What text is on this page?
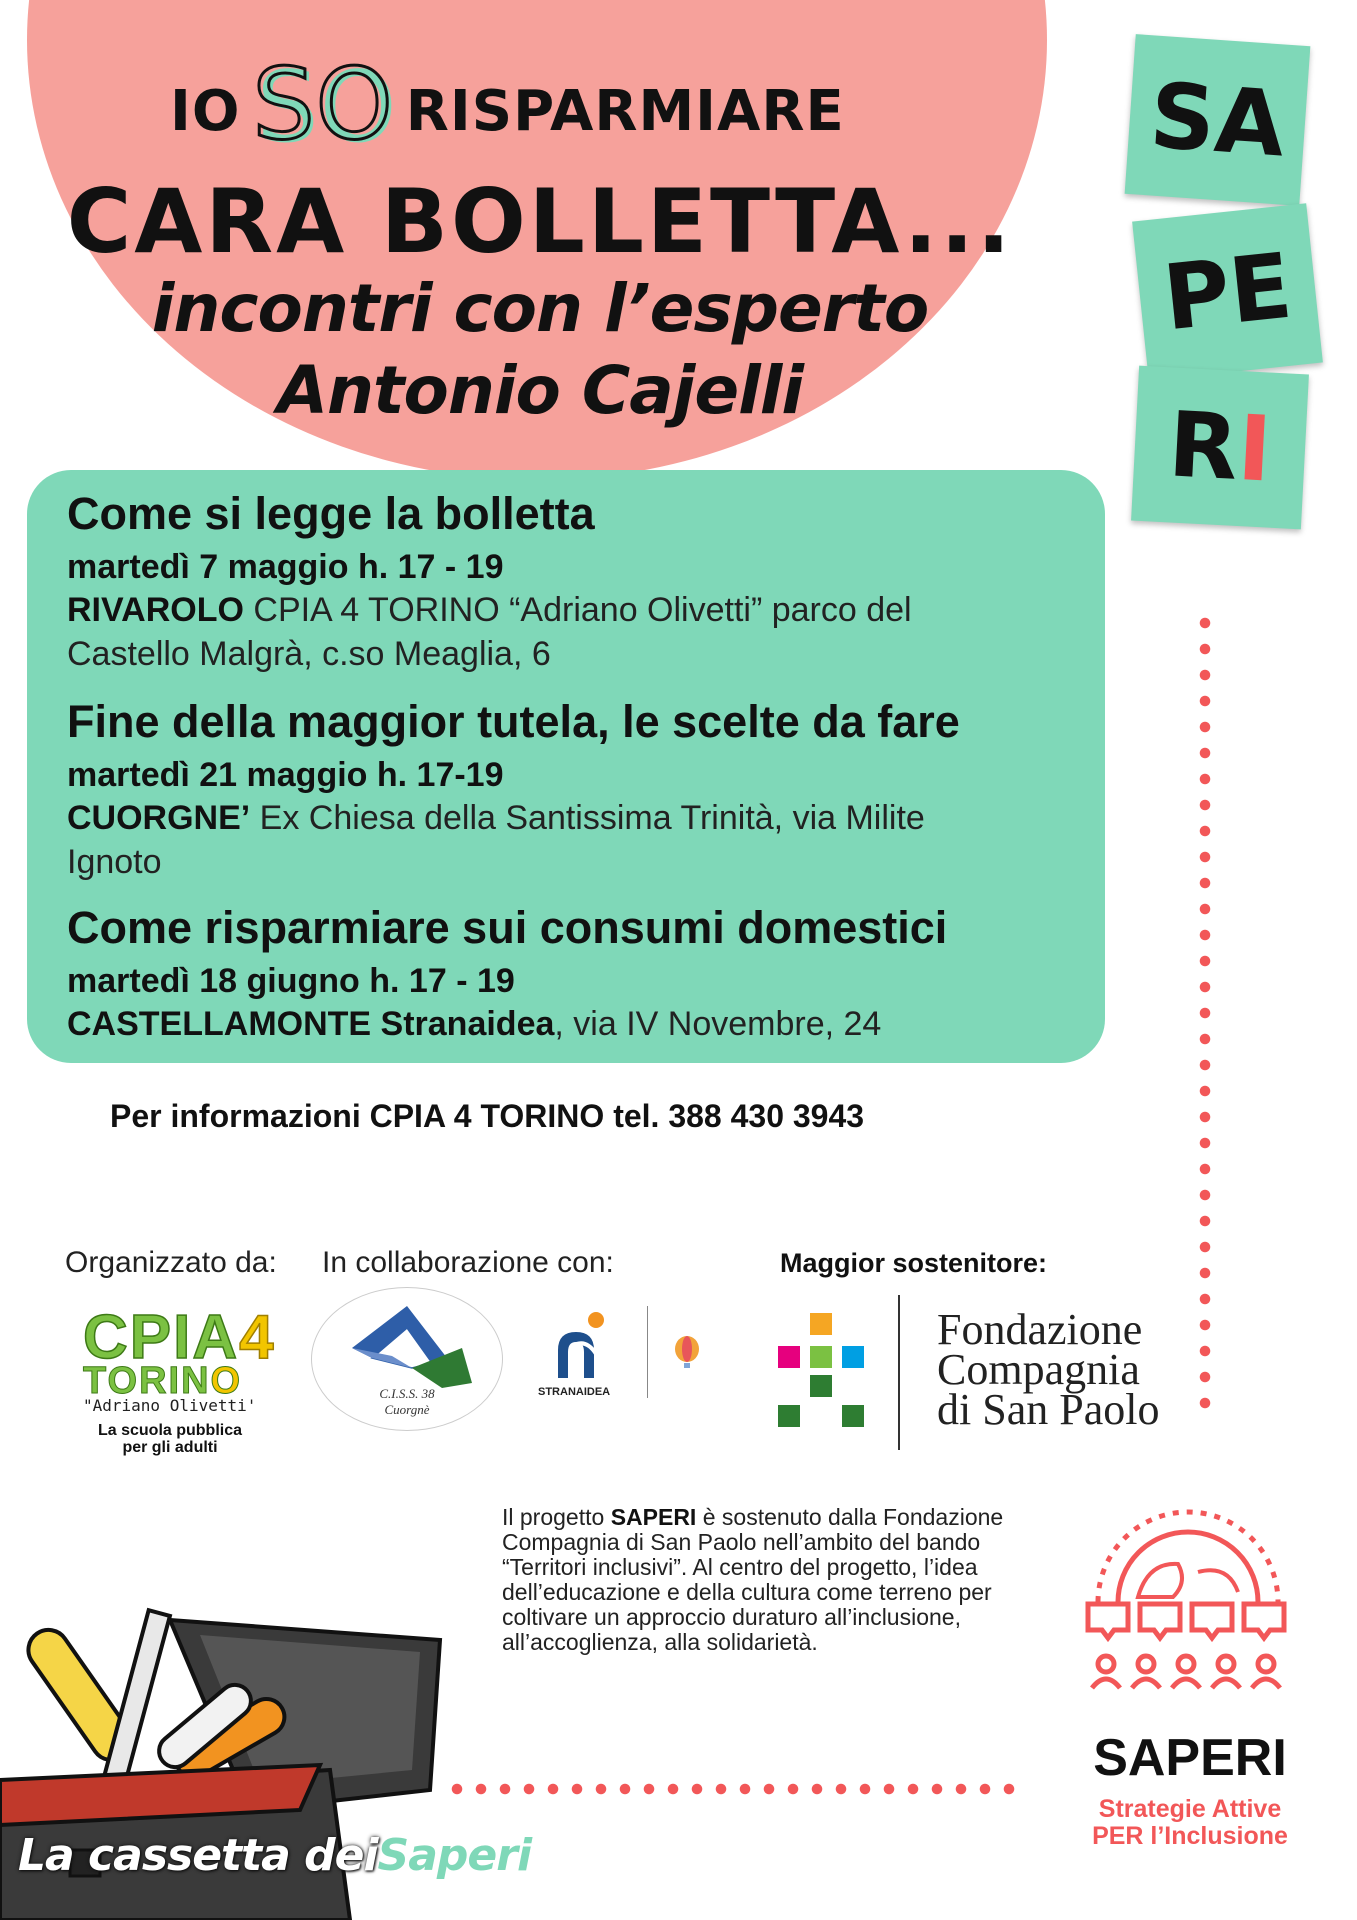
IO SO RISPARMIARE
CARA BOLLETTA...
incontri con l’esperto
Antonio Cajelli
SA
PE
R
I
Come si legge la bolletta
martedì 7 maggio h. 17 - 19
RIVAROLO CPIA 4 TORINO “Adriano Olivetti” parco del
Castello Malgrà, c.so Meaglia, 6
Fine della maggior tutela, le scelte da fare
martedì 21 maggio h. 17-19
CUORGNE’ Ex Chiesa della Santissima Trinità, via Milite
Ignoto
Come risparmiare sui consumi domestici
martedì 18 giugno h. 17 - 19
CASTELLAMONTE Stranaidea, via IV Novembre, 24
Per informazioni CPIA 4 TORINO tel. 388 430 3943
Organizzato da: In collaborazione con:	Maggior sostenitore:
CPIA4
TORINO
"Adriano Olivetti'
La scuola pubblica
per gli adulti
C.I.S.S. 38
Cuorgnè
STRANAIDEA
Fondazione
Compagnia
di San Paolo
Il progetto SAPERI è sostenuto dalla Fondazione Compagnia di San Paolo nell’ambito del bando “Territori inclusivi”. Al centro del progetto, l’idea dell’educazione e della cultura come terreno per coltivare un approccio duraturo all’inclusione, all’accoglienza, alla solidarietà.
SAPERI
Strategie Attive
PER l’Inclusione
La cassetta deiSaperi
